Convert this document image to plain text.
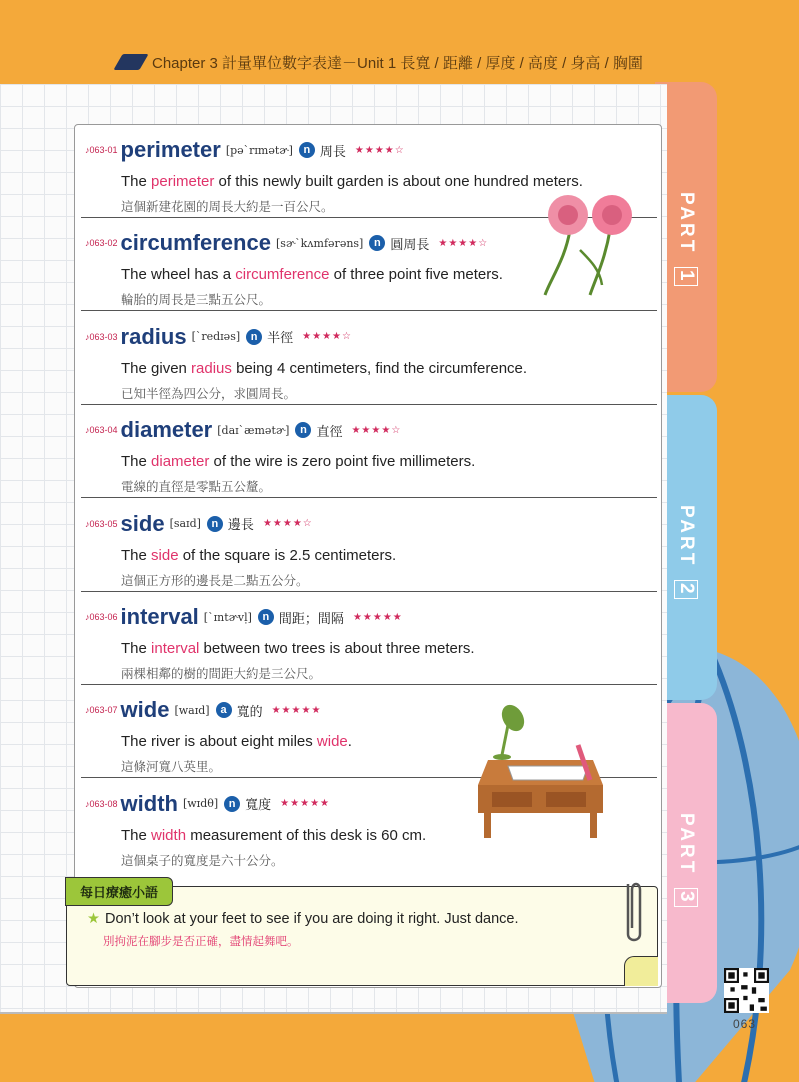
Chapter 3 計量單位數字表達－Unit 1 長寬 / 距離 / 厚度 / 高度 / 身高 / 胸圍
PART 1
PART 2
PART 3
♪063-01 perimeter [pəˋrɪmətɚ] n 周長 ★★★★☆
The perimeter of this newly built garden is about one hundred meters.
這個新建花園的周長大約是一百公尺。
♪063-02 circumference [sɚˋkʌmfərəns] n 圓周長 ★★★★☆
The wheel has a circumference of three point five meters.
輪胎的周長是三點五公尺。
♪063-03 radius [ˋredɪəs] n 半徑 ★★★★☆
The given radius being 4 centimeters, find the circumference.
已知半徑為四公分，求圓周長。
♪063-04 diameter [daɪˋæmətɚ] n 直徑 ★★★★☆
The diameter of the wire is zero point five millimeters.
電線的直徑是零點五公釐。
♪063-05 side [saɪd] n 邊長 ★★★★☆
The side of the square is 2.5 centimeters.
這個正方形的邊長是二點五公分。
♪063-06 interval [ˋɪntɚvḷ] n 間距；間隔 ★★★★★
The interval between two trees is about three meters.
兩棵相鄰的樹的間距大約是三公尺。
♪063-07 wide [waɪd] a 寬的 ★★★★★
The river is about eight miles wide.
這條河寬八英里。
♪063-08 width [wɪdθ] n 寬度 ★★★★★
The width measurement of this desk is 60 cm.
這個桌子的寬度是六十公分。
每日療癒小語
★ Don’t look at your feet to see if you are doing it right. Just dance.
別拘泥在腳步是否正確，盡情起舞吧。
063
